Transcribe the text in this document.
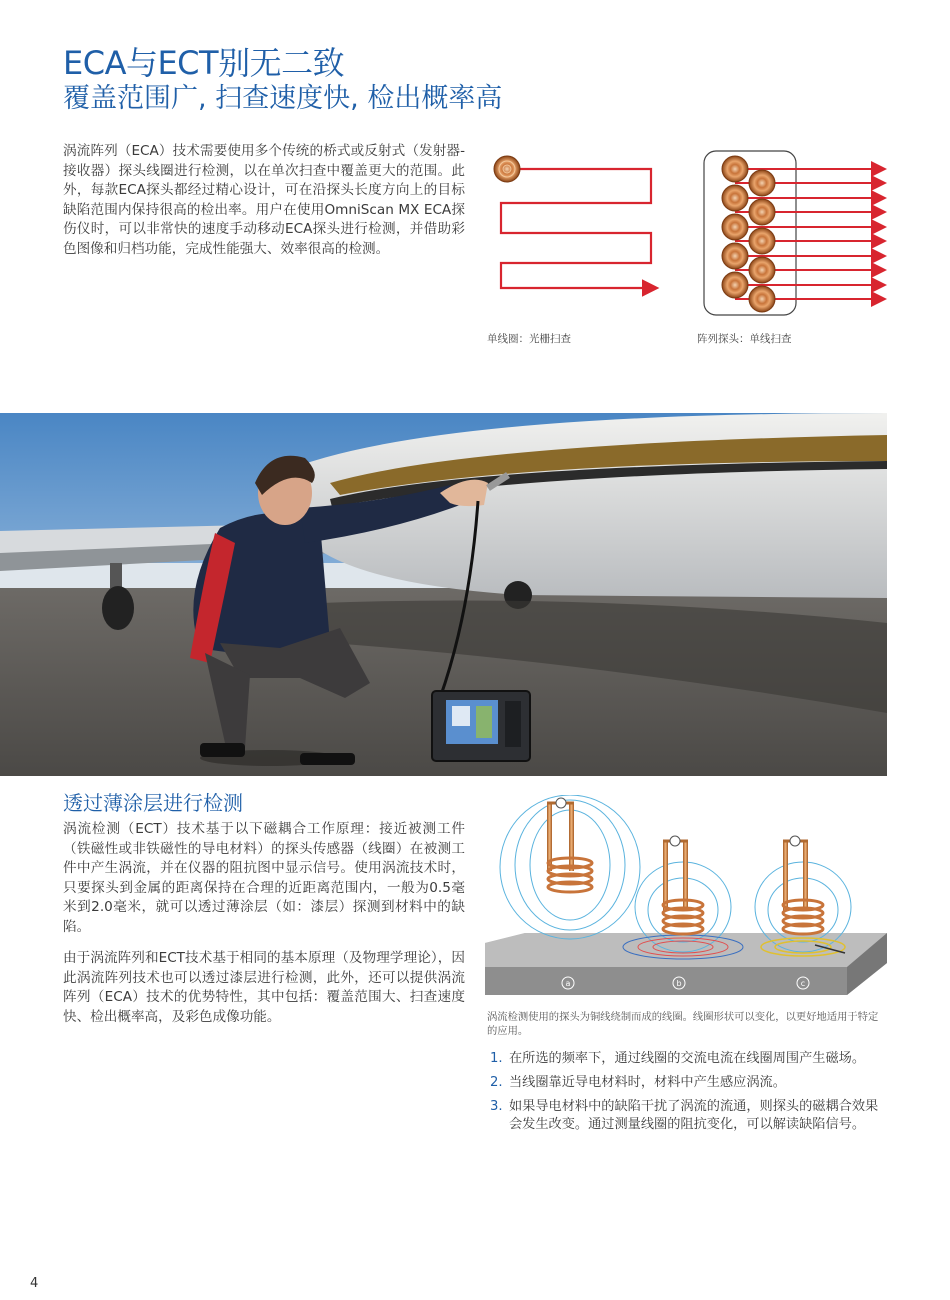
ECA与ECT别无二致
覆盖范围广, 扫查速度快, 检出概率高

涡流阵列（ECA）技术需要使用多个传统的桥式或反射式（发射器-接收器）探头线圈进行检测，以在单次扫查中覆盖更大的范围。此外，每款ECA探头都经过精心设计，可在沿探头长度方向上的目标缺陷范围内保持很高的检出率。用户在使用OmniScan MX ECA探伤仪时，可以非常快的速度手动移动ECA探头进行检测，并借助彩色图像和归档功能，完成性能强大、效率很高的检测。

单线圈：光栅扫查	阵列探头：单线扫查
透过薄涂层进行检测

涡流检测（ECT）技术基于以下磁耦合工作原理：接近被测工件（铁磁性或非铁磁性的导电材料）的探头传感器（线圈）在被测工件中产生涡流，并在仪器的阻抗图中显示信号。使用涡流技术时，只要探头到金属的距离保持在合理的近距离范围内，一般为0.5毫米到2.0毫米，就可以透过薄涂层（如：漆层）探测到材料中的缺陷。

由于涡流阵列和ECT技术基于相同的基本原理（及物理学理论），因此涡流阵列技术也可以透过漆层进行检测，此外，还可以提供涡流阵列（ECA）技术的优势特性，其中包括：覆盖范围大、扫查速度快、检出概率高，及彩色成像功能。

a	b	c
涡流检测使用的探头为铜线绕制而成的线圈。线圈形状可以变化，以更好地适用于特定的应用。
1. 在所选的频率下，通过线圈的交流电流在线圈周围产生磁场。
2. 当线圈靠近导电材料时，材料中产生感应涡流。
3. 如果导电材料中的缺陷干扰了涡流的流通，则探头的磁耦合效果会发生改变。通过测量线圈的阻抗变化，可以解读缺陷信号。
4
